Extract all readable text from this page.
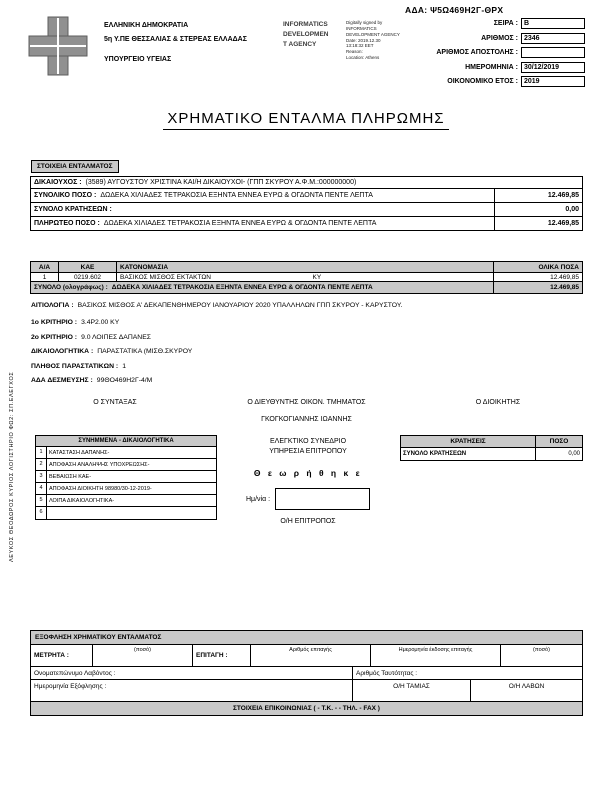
ΕΛΛΗΝΙΚΗ ΔΗΜΟΚΡΑΤΙΑ
5η Υ.ΠΕ ΘΕΣΣΑΛΙΑΣ & ΣΤΕΡΕΑΣ ΕΛΛΑΔΑΣ
ΥΠΟΥΡΓΕΙΟ ΥΓΕΙΑΣ
INFORMATICS
DEVELOPMEN
T AGENCY
Digitally signed by
INFORMATICS DEVELOPMENT AGENCY
Date: 2019.12.30
13:18:32 EET
Reason:
Location: Athens
ΑΔΑ: Ψ5Ω469Η2Γ-ΘΡΧ
ΣΕΙΡΑ : Β
ΑΡΙΘΜΟΣ : 2346
ΑΡΙΘΜΟΣ ΑΠΟΣΤΟΛΗΣ :
ΗΜΕΡΟΜΗΝΙΑ : 30/12/2019
ΟΙΚΟΝΟΜΙΚΟ ΕΤΟΣ : 2019
ΧΡΗΜΑΤΙΚΟ ΕΝΤΑΛΜΑ ΠΛΗΡΩΜΗΣ
ΣΤΟΙΧΕΙΑ ΕΝΤΑΛΜΑΤΟΣ
ΔΙΚΑΙΟΥΧΟΣ : (3589) ΑΥΓΟΥΣΤΟΥ ΧΡΙΣΤΙΝΑ ΚΑΙ/Η ΔΙΚΑΙΟΥΧΟΙ- (ΓΠΠ ΣΚΥΡΟΥ Α.Φ.Μ.:000000000)
ΣΥΝΟΛΙΚΟ ΠΟΣΟ : ΔΩΔΕΚΑ ΧΙΛΙΑΔΕΣ ΤΕΤΡΑΚΟΣΙΑ ΕΞΗΝΤΑ ΕΝΝΕΑ ΕΥΡΩ & ΟΓΔΟΝΤΑ ΠΕΝΤΕ ΛΕΠΤΑ	12.469,85
ΣΥΝΟΛΟ ΚΡΑΤΗΣΕΩΝ :	0,00
ΠΛΗΡΩΤΕΟ ΠΟΣΟ : ΔΩΔΕΚΑ ΧΙΛΙΑΔΕΣ ΤΕΤΡΑΚΟΣΙΑ ΕΞΗΝΤΑ ΕΝΝΕΑ ΕΥΡΩ & ΟΓΔΟΝΤΑ ΠΕΝΤΕ ΛΕΠΤΑ	12.469,85
Α/Α	ΚΑΕ	ΚΑΤΟΝΟΜΑΣΙΑ	ΟΛΙΚΑ ΠΟΣΑ
1	0219.602	ΒΑΣΙΚΟΣ ΜΙΣΘΟΣ ΕΚΤΑΚΤΩΝ	ΚΥ	12.469,85
ΣΥΝΟΛΟ (ολογράφως) : ΔΩΔΕΚΑ ΧΙΛΙΑΔΕΣ ΤΕΤΡΑΚΟΣΙΑ ΕΞΗΝΤΑ ΕΝΝΕΑ ΕΥΡΩ & ΟΓΔΟΝΤΑ ΠΕΝΤΕ ΛΕΠΤΑ	12.469,85
ΑΙΤΙΟΛΟΓΙΑ : ΒΑΣΙΚΟΣ ΜΙΣΘΟΣ Α' ΔΕΚΑΠΕΝΘΗΜΕΡΟΥ ΙΑΝΟΥΑΡΙΟΥ 2020 ΥΠΑΛΛΗΛΩΝ ΓΠΠ ΣΚΥΡΟΥ - ΚΑΡΥΣΤΟΥ.
1ο ΚΡΙΤΗΡΙΟ : 3.4Ρ2.00 ΚΥ
2ο ΚΡΙΤΗΡΙΟ : 9.0 ΛΟΙΠΕΣ ΔΑΠΑΝΕΣ
ΔΙΚΑΙΟΛΟΓΗΤΙΚΑ : ΠΑΡΑΣΤΑΤΙΚΑ (ΜΙΣΘ.ΣΚΥΡΟΥ
ΠΛΗΘΟΣ ΠΑΡΑΣΤΑΤΙΚΩΝ : 1
ΑΔΑ ΔΕΣΜΕΥΣΗΣ : 99ΘΟ469Η2Γ-4/Μ
Ο ΣΥΝΤΑΞΑΣ	Ο ΔΙΕΥΘΥΝΤΗΣ ΟΙΚΟΝ. ΤΜΗΜΑΤΟΣ
ΓΚΟΓΚΟΓΙΑΝΝΗΣ ΙΩΑΝΝΗΣ
Ο ΔΙΟΙΚΗΤΗΣ
ΛΕΥΚΟΣ ΘΕΟΔΩΡΟΣ ΚΥΡΙΟΣ ΛΟΓΙΣΤΗΡΙΟ ΦΩ2: ΣΠ.ΕΛΕΓΧΟΣ	ΣΥΝΗΜΜΕΝΑ - ΔΙΚΑΙΟΛΟΓΗΤΙΚΑ
1	ΚΑΤΑΣΤΑΣΗ ΔΑΠΑΝΗΣ-
2	ΑΠΟΦΑΣΗ ΑΝΑΛΗΨΗΣ ΥΠΟΧΡΕΩΣΗΣ-
3	ΒΕΒΑΙΩΣΗ ΚΑΕ-
4	ΑΠΟΦΑΣΗ ΔΙΟΙΚΗΤΗ 98980/30-12-2019-
5	ΛΟΙΠΑ ΔΙΚΑΙΟΛΟΓΗΤΙΚΑ-
6
ΕΛΕΓΚΤΙΚΟ ΣΥΝΕΔΡΙΟ
ΥΠΗΡΕΣΙΑ ΕΠΙΤΡΟΠΟΥ
Θ ε ω ρ ή θ η κ ε
Ημ/νία :
Ο/Η ΕΠΙΤΡΟΠΟΣ
ΚΡΑΤΗΣΕΙΣ	ΠΟΣΟ
ΣΥΝΟΛΟ ΚΡΑΤΗΣΕΩΝ	0,00
ΕΞΟΦΛΗΣΗ ΧΡΗΜΑΤΙΚΟΥ ΕΝΤΑΛΜΑΤΟΣ
ΜΕΤΡΗΤΑ :
(ποσό)
ΕΠΙΤΑΓΗ :
Αριθμός επιταγής	Ημερομηνία έκδοσης επιταγής	(ποσό)
Ονοματεπώνυμο Λαβόντος :	Αριθμός Ταυτότητας :
Ημερομηνία Εξόφλησης :	Ο/Η ΤΑΜΙΑΣ	Ο/Η ΛΑΒΩΝ
ΣΤΟΙΧΕΙΑ ΕΠΙΚΟΙΝΩΝΙΑΣ ( - Τ.Κ. - - ΤΗΛ. - FAX )
